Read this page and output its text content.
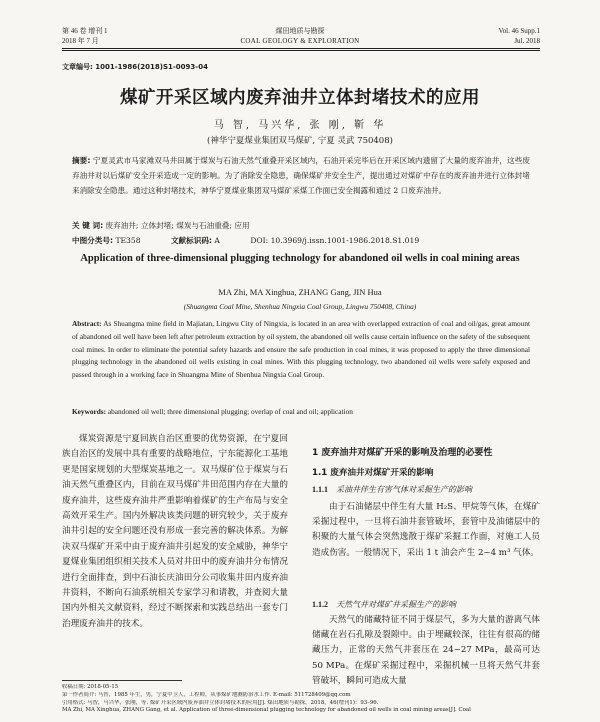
第 46 卷 增刊 1
2018 年 7 月
煤田地质与勘探
COAL GEOLOGY & EXPLORATION
Vol. 46 Supp.1
Jul. 2018
文章编号: 1001-1986(2018)S1-0093-04
煤矿开采区域内废弃油井立体封堵技术的应用
马 智, 马兴华, 张 刚, 靳 华
(神华宁夏煤业集团双马煤矿, 宁夏 灵武 750408)
摘要: 宁夏灵武市马家滩双马井田属于煤炭与石油天然气重叠开采区域内，石油开采完毕后在开采区域内遗留了大量的废弃油井，这些废弃油井对以后煤矿安全开采造成一定的影响。为了消除安全隐患，确保煤矿井安全生产，提出通过对煤矿中存在的废弃油井进行立体封堵来消除安全隐患。通过这种封堵技术，神华宁夏煤业集团双马煤矿采煤工作面已安全揭露和通过 2 口废弃油井。
关 键 词: 废弃油井; 立体封堵; 煤炭与石油重叠; 应用
中图分类号: TE358	文献标识码: A	DOI: 10.3969/j.issn.1001-1986.2018.S1.019
Application of three-dimensional plugging technology for abandoned oil wells in coal mining areas
MA Zhi, MA Xinghua, ZHANG Gang, JIN Hua
(Shuangma Coal Mine, Shenhua Ningxia Coal Group, Lingwu 750408, China)
Abstract: As Shuangma mine field in Majiatan, Lingwu City of Ningxia, is located in an area with overlapped extraction of coal and oil/gas, great amount of abandoned oil well have been left after petroleum extraction by oil system, the abandoned oil wells cause certain influence on the safety of the subsequent coal mines. In order to eliminate the potential safety hazards and ensure the safe production in coal mines, it was proposed to apply the three dimensional plugging technology in the abandoned oil wells existing in coal mines. With this plugging technology, two abandoned oil wells were safely exposed and passed through in a working face in Shuangma Mine of Shenhua Ningxia Coal Group.
Keywords: abandoned oil well; three dimensional plugging; overlap of coal and oil; application
煤炭资源是宁夏回族自治区重要的优势资源，在宁夏回族自治区的发展中具有重要的战略地位，宁东能源化工基地更是国家规划的大型煤炭基地之一。双马煤矿位于煤炭与石油天然气重叠区内，目前在双马煤矿井田范围内存在大量的废弃油井，这些废弃油井严重影响着煤矿的生产布局与安全高效开采生产。国内外解决该类问题的研究较少，关于废弃油井引起的安全问题还没有形成一套完善的解决体系。为解决双马煤矿开采中由于废弃油井引起发的安全威胁，神华宁夏煤业集团组织相关技术人员对井田中的废弃油井分布情况进行全面排查，到中石油长庆油田分公司收集井田内废弃油井资料，不断向石油系统相关专家学习和请教，并查阅大量国内外相关文献资料，经过不断探索和实践总结出一套专门治理废弃油井的技术。
1 废弃油井对煤矿开采的影响及治理的必要性
1.1 废弃油井对煤矿开采的影响
1.1.1 采油井伴生有害气体对采掘生产的影响
由于石油储层中伴生有大量 H₂S、甲烷等气体，在煤矿采掘过程中，一旦将石油井套管破坏，套管中及油储层中的积聚的大量气体会突然逸散于煤矿采掘工作面，对施工人员造成伤害。一般情况下，采出 1 t 油会产生 2~4 m³ 气体。
1.1.2 天然气井对煤矿井采掘生产的影响
天然气的储藏特征不同于煤层气，多为大量的游离气体储藏在岩石孔隙及裂隙中。由于埋藏较深，往往有很高的储藏压力，正常的天然气井套压在 24~27 MPa，最高可达 50 MPa。在煤矿采掘过程中，采掘机械一旦将天然气井套管破坏，瞬间可造成大量
收稿日期: 2018-05-15
第一作者简介: 马智，1985 年生，男，宁夏中卫人，工程师，从事煤矿地测防治水工作. E-mail: 511728409@qq.com
引用格式: 马智，马兴华，张刚，等. 煤矿开采区域内废弃油井立体封堵技术的应用[J]. 煤田地质与勘探，2018，46(增刊1)：93–96.
MA Zhi, MA Xinghua, ZHANG Gang, et al. Application of three-dimensional plugging technology for abandoned oil wells in coal mining areas[J]. Coal
